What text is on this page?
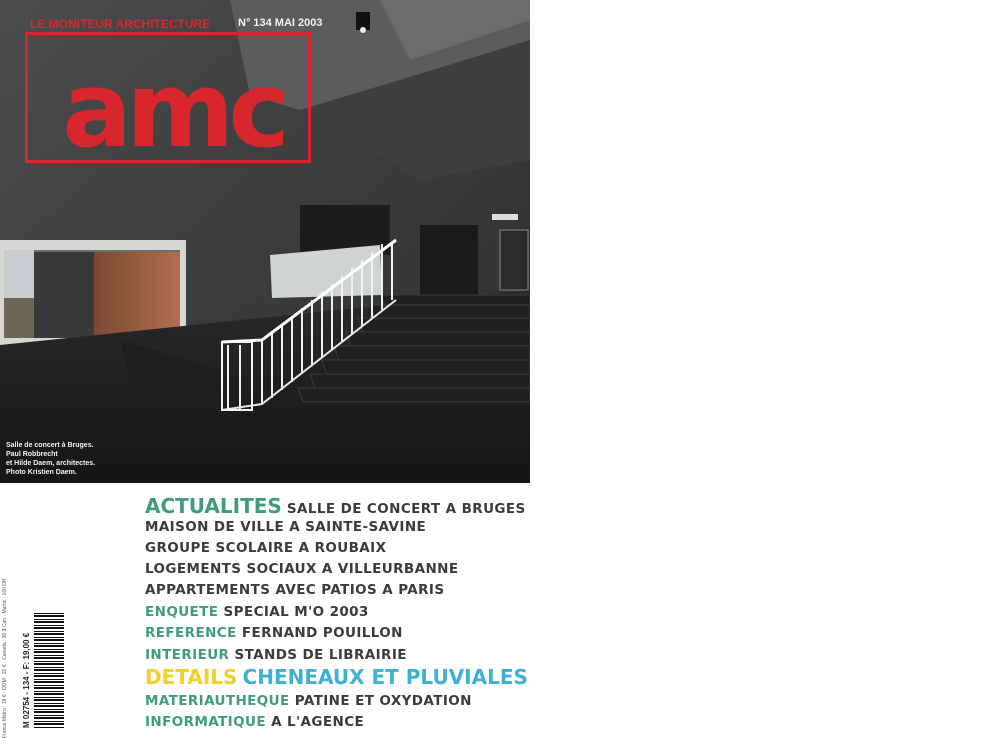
LE MONITEUR ARCHITECTURE	N° 134 MAI 2003
amc
Salle de concert à Bruges.
Paul Robbrecht
et Hilde Daem, architectes.
Photo Kristien Daem.
France Métro : 19 € - DOM : 22 € - Canada : 30 $ Can - Maroc : 160 DH M 02754 - 134 - F: 19,00 €
ACTUALITES SALLE DE CONCERT A BRUGES
MAISON DE VILLE A SAINTE-SAVINE
GROUPE SCOLAIRE A ROUBAIX
LOGEMENTS SOCIAUX A VILLEURBANNE
APPARTEMENTS AVEC PATIOS A PARIS
ENQUETE SPECIAL M'O 2003
REFERENCE FERNAND POUILLON
INTERIEUR STANDS DE LIBRAIRIE
DETAILS CHENEAUX ET PLUVIALES
MATERIAUTHEQUE PATINE ET OXYDATION
INFORMATIQUE A L'AGENCE
